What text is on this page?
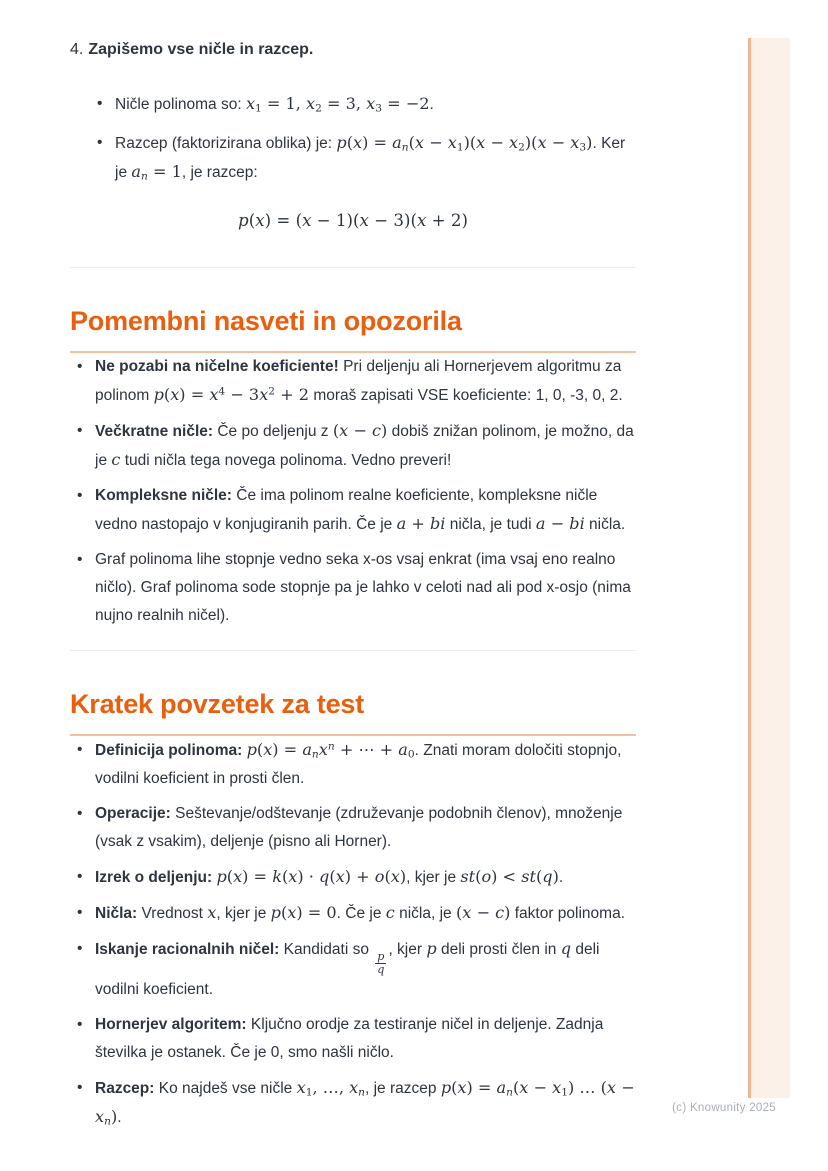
4. Zapišemo vse ničle in razcep.
• Ničle polinoma so: $x_1 = 1$, $x_2 = 3$, $x_3 = -2$.
• Razcep (faktorizirana oblika) je: $p(x) = a_n(x - x_1)(x - x_2)(x - x_3)$. Ker je $a_n = 1$, je razcep:
p(x) = (x − 1)(x − 3)(x + 2)
Pomembni nasveti in opozorila
• Ne pozabi na ničelne koeficiente! Pri deljenju ali Hornerjevem algoritmu za polinom $p(x) = x^4 - 3x^2 + 2$ moraš zapisati VSE koeficiente: 1, 0, -3, 0, 2.
• Večkratne ničle: Če po deljenju z (x − c) dobiš znižan polinom, je možno, da je c tudi ničla tega novega polinoma. Vedno preveri!
• Kompleksne ničle: Če ima polinom realne koeficiente, kompleksne ničle vedno nastopajo v konjugiranih parih. Če je a + bi ničla, je tudi a − bi ničla.
• Graf polinoma lihe stopnje vedno seka x-os vsaj enkrat (ima vsaj eno realno ničlo). Graf polinoma sode stopnje pa je lahko v celoti nad ali pod x-osjo (nima nujno realnih ničel).
Kratek povzetek za test
• Definicija polinoma: $p(x) = a_nx^n$ + ⋯ + $a_0$. Znati moram določiti stopnjo, vodilni koeficient in prosti člen.
• Operacije: Seštevanje/odštevanje (združevanje podobnih členov), množenje (vsak z vsakim), deljenje (pisno ali Horner).
• Izrek o deljenju: p(x) = k(x) · q(x) + o(x), kjer je st(o) < st(q).
• Ničla: Vrednost x, kjer je p(x) = 0. Če je c ničla, je (x − c) faktor polinoma.
• Iskanje racionalnih ničel: Kandidati so
$\frac{p}{q}$
, kjer p deli prosti člen in q deli vodilni koeficient.
• Hornerjev algoritem: Ključno orodje za testiranje ničel in deljenje. Zadnja številka je ostanek. Če je 0, smo našli ničlo.
• Razcep: Ko najdeš vse ničle $x_1$, …, $x_n$, je razcep $p(x) = a_n(x - x_1)$ … $(x - x_n)$.
(c) Knowunity 2025
